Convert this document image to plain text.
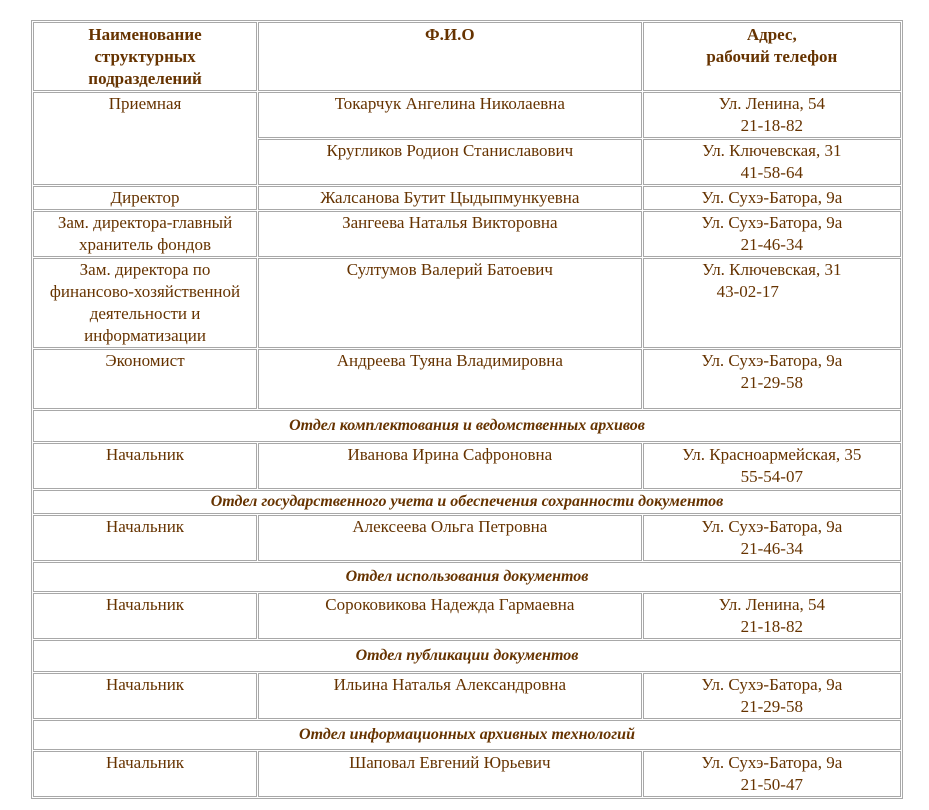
Наименование
структурных
подразделений	Ф.И.О	Адрес,
рабочий телефон

Приемная	Токарчук Ангелина Николаевна	Ул. Ленина, 54
21-18-82

	Кругликов Родион Станиславович	Ул. Ключевская, 31
41-58-64

Директор	Жалсанова Бутит Цыдыпмункуевна	Ул. Сухэ-Батора, 9а

Зам. директора-главный
хранитель фондов	Зангеева Наталья Викторовна	Ул. Сухэ-Батора, 9а
21-46-34

Зам. директора по
финансово-хозяйственной
деятельности и
информатизации	Султумов Валерий Батоевич	Ул. Ключевская, 31
43-02-17

Экономист	Андреева Туяна Владимировна	Ул. Сухэ-Батора, 9а
21-29-58

Отдел комплектования и ведомственных архивов		
Начальник	Иванова Ирина Сафроновна	Ул. Красноармейская, 35
55-54-07

Отдел государственного учета и обеспечения сохранности документов		
Начальник	Алексеева Ольга Петровна	Ул. Сухэ-Батора, 9а
21-46-34

Отдел использования документов		
Начальник	Сороковикова Надежда Гармаевна	Ул. Ленина, 54
21-18-82

Отдел публикации документов		
Начальник	Ильина Наталья Александровна	Ул. Сухэ-Батора, 9а
21-29-58

Отдел информационных архивных технологий		
Начальник	Шаповал Евгений Юрьевич	Ул. Сухэ-Батора, 9а
21-50-47
